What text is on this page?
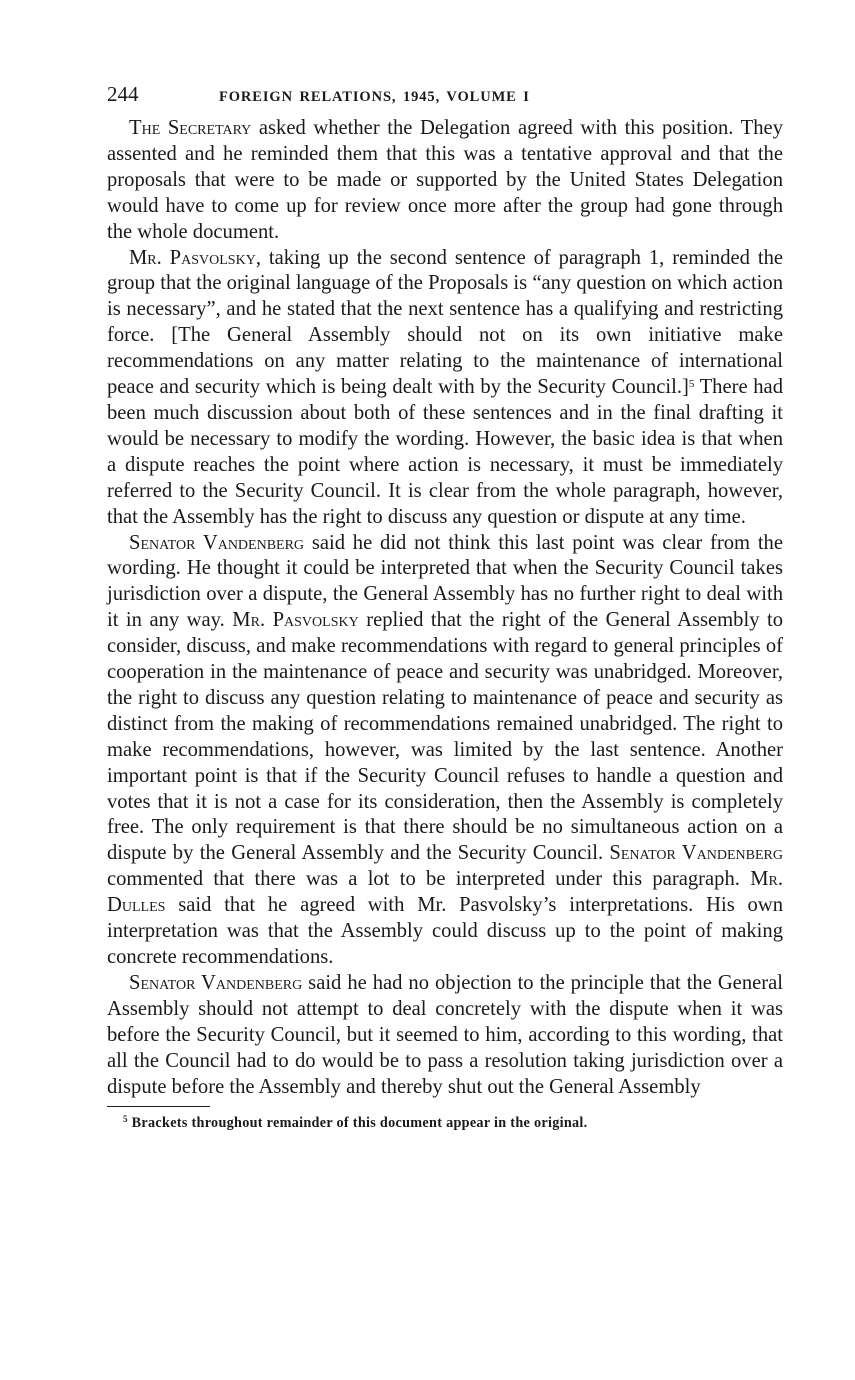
244	FOREIGN RELATIONS, 1945, VOLUME I

The Secretary asked whether the Delegation agreed with this position. They assented and he reminded them that this was a tentative approval and that the proposals that were to be made or supported by the United States Delegation would have to come up for review once more after the group had gone through the whole document.

Mr. Pasvolsky, taking up the second sentence of paragraph 1, reminded the group that the original language of the Proposals is “any question on which action is necessary”, and he stated that the next sentence has a qualifying and restricting force. [The General Assembly should not on its own initiative make recommendations on any matter relating to the maintenance of international peace and security which is being dealt with by the Security Council.]$^5$ There had been much discussion about both of these sentences and in the final drafting it would be necessary to modify the wording. However, the basic idea is that when a dispute reaches the point where action is necessary, it must be immediately referred to the Security Council. It is clear from the whole paragraph, however, that the Assembly has the right to discuss any question or dispute at any time.

Senator Vandenberg said he did not think this last point was clear from the wording. He thought it could be interpreted that when the Security Council takes jurisdiction over a dispute, the General Assembly has no further right to deal with it in any way. Mr. Pasvolsky replied that the right of the General Assembly to consider, discuss, and make recommendations with regard to general principles of cooperation in the maintenance of peace and security was unabridged. Moreover, the right to discuss any question relating to maintenance of peace and security as distinct from the making of recommendations remained unabridged. The right to make recommendations, however, was limited by the last sentence. Another important point is that if the Security Council refuses to handle a question and votes that it is not a case for its consideration, then the Assembly is completely free. The only requirement is that there should be no simultaneous action on a dispute by the General Assembly and the Security Council. Senator Vandenberg commented that there was a lot to be interpreted under this paragraph. Mr. Dulles said that he agreed with Mr. Pasvolsky’s interpretations. His own interpretation was that the Assembly could discuss up to the point of making concrete recommendations.

Senator Vandenberg said he had no objection to the principle that the General Assembly should not attempt to deal concretely with the dispute when it was before the Security Council, but it seemed to him, according to this wording, that all the Council had to do would be to pass a resolution taking jurisdiction over a dispute before the Assembly and thereby shut out the General Assembly

$^5$ Brackets throughout remainder of this document appear in the original.
